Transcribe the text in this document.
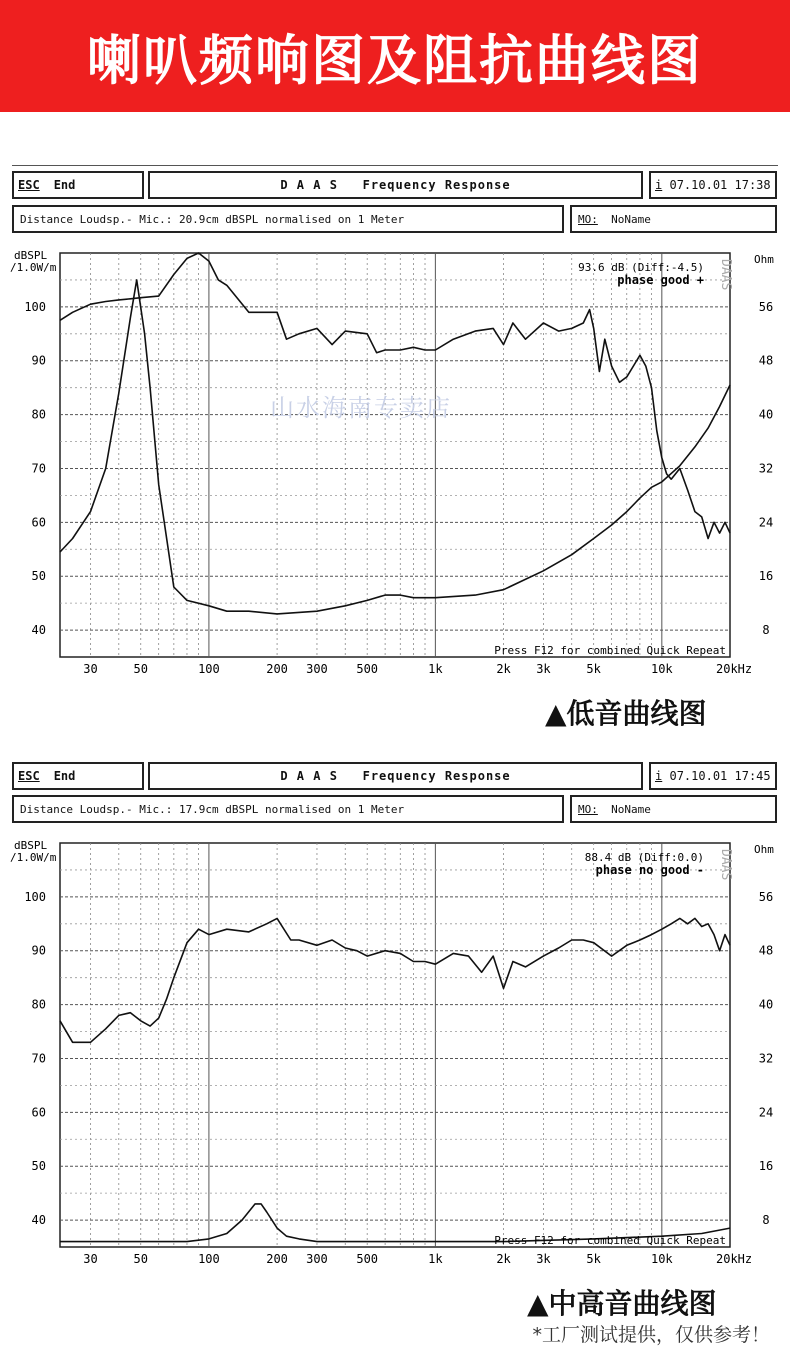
喇叭频响图及阻抗曲线图
ESC End	D A A S   Frequency Response	i
07.10.01 17:38
Distance Loudsp.- Mic.: 20.9cm dBSPL normalised on 1 Meter	MO:
NoName
dBSPL
/1.0W/m
Ohm
40
50
60
70
80
90
100
8
16
24
32
40
48
56
30	50	100	200 300 500	1k	2k 3k	5k	10k	20kHz
93.6 dB (Diff:-4.5)
phase good + DAAS
Press F12 for combined Quick Repeat
山水海南专卖店
▲低音曲线图
ESC End	D A A S   Frequency Response	i
07.10.01 17:45
Distance Loudsp.- Mic.: 17.9cm dBSPL normalised on 1 Meter	MO:
NoName
dBSPL
/1.0W/m
Ohm
40
50
60
70
80
90
100
8
16
24
32
40
48
56
30	50	100	200 300 500	1k	2k 3k	5k	10k	20kHz
88.4 dB (Diff:0.0)
phase no good - DAAS
Press F12 for combined Quick Repeat
▲中高音曲线图
*工厂测试提供，仅供参考！
